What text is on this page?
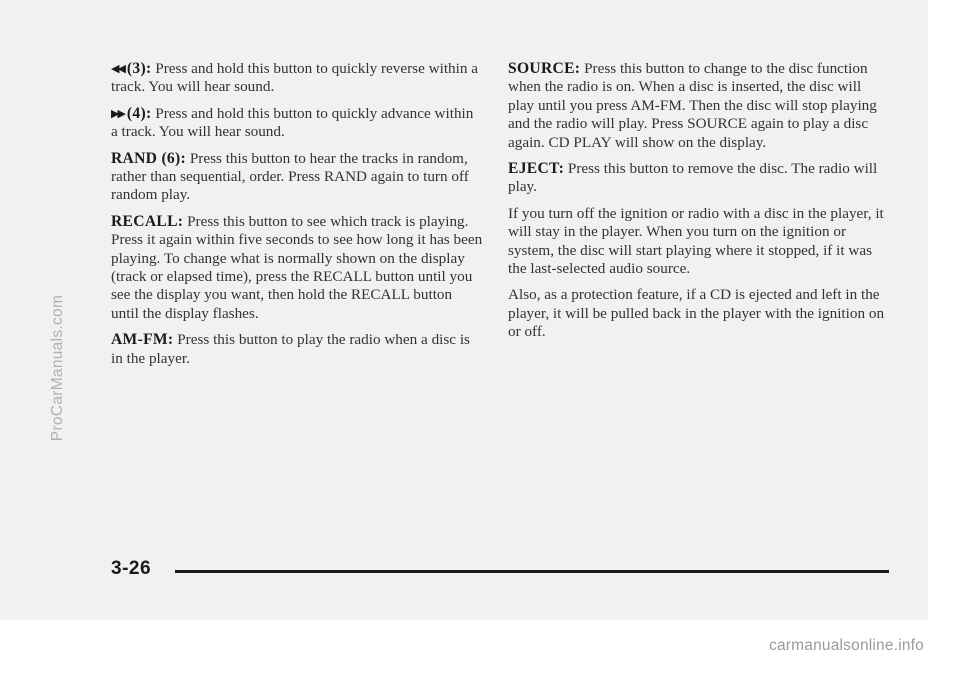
ProCarManuals.com

◀◀ (3): Press and hold this button to quickly reverse within a track. You will hear sound.

▶▶ (4): Press and hold this button to quickly advance within a track. You will hear sound.

RAND (6): Press this button to hear the tracks in random, rather than sequential, order. Press RAND again to turn off random play.

RECALL: Press this button to see which track is playing. Press it again within five seconds to see how long it has been playing. To change what is normally shown on the display (track or elapsed time), press the RECALL button until you see the display you want, then hold the RECALL button until the display flashes.

AM-FM: Press this button to play the radio when a disc is in the player.

SOURCE: Press this button to change to the disc function when the radio is on. When a disc is inserted, the disc will play until you press AM-FM. Then the disc will stop playing and the radio will play. Press SOURCE again to play a disc again. CD PLAY will show on the display.

EJECT: Press this button to remove the disc. The radio will play.

If you turn off the ignition or radio with a disc in the player, it will stay in the player. When you turn on the ignition or system, the disc will start playing where it stopped, if it was the last-selected audio source.

Also, as a protection feature, if a CD is ejected and left in the player, it will be pulled back in the player with the ignition on or off.

3-26
carmanualsonline.info
